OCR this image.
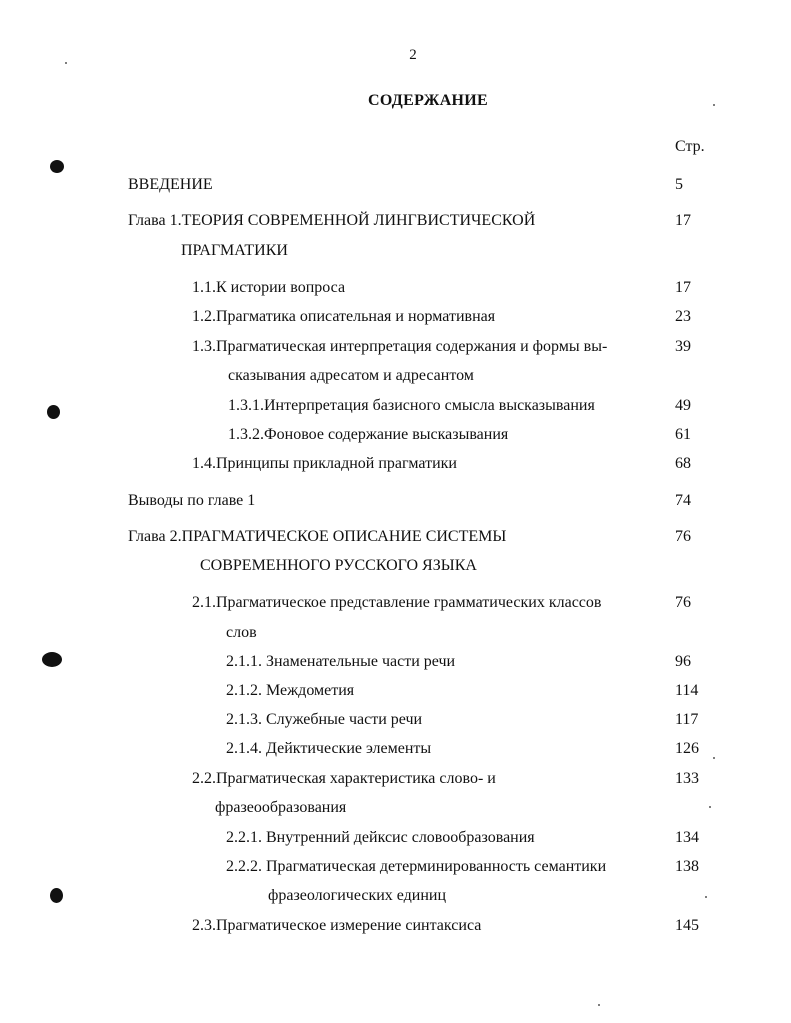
2
СОДЕРЖАНИЕ
Стр.
ВВЕДЕНИЕ	5
Глава 1.ТЕОРИЯ СОВРЕМЕННОЙ ЛИНГВИСТИЧЕСКОЙ	17
ПРАГМАТИКИ
1.1.К истории вопроса	17
1.2.Прагматика описательная и нормативная	23
1.3.Прагматическая интерпретация содержания и формы вы-	39
сказывания адресатом и адресантом
1.3.1.Интерпретация базисного смысла высказывания	49
1.3.2.Фоновое содержание высказывания	61
1.4.Принципы прикладной прагматики	68
Выводы по главе 1	74
Глава 2.ПРАГМАТИЧЕСКОЕ ОПИСАНИЕ СИСТЕМЫ	76
СОВРЕМЕННОГО РУССКОГО ЯЗЫКА
2.1.Прагматическое представление грамматических классов	76
слов
2.1.1. Знаменательные части речи	96
2.1.2. Междометия	114
2.1.3. Служебные части речи	117
2.1.4. Дейктические элементы	126
2.2.Прагматическая характеристика слово- и	133
фразеообразования
2.2.1. Внутренний дейксис словообразования	134
2.2.2. Прагматическая детерминированность семантики	138
фразеологических единиц
2.3.Прагматическое измерение синтаксиса	145
